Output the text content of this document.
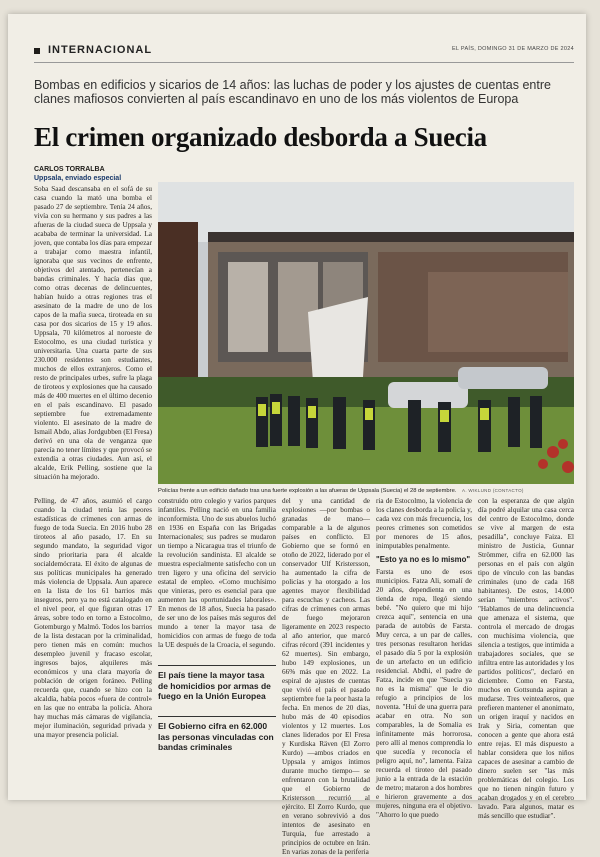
INTERNACIONAL	EL PAÍS, DOMINGO 31 DE MARZO DE 2024
Bombas en edificios y sicarios de 14 años: las luchas de poder y los ajustes de cuentas entre clanes mafiosos convierten al país escandinavo en uno de los más violentos de Europa
El crimen organizado desborda a Suecia
CARLOS TORRALBA
Uppsala, enviado especial

Soba Saad descansaba en el sofá de su casa cuando la mató una bomba el pasado 27 de septiembre. Tenía 24 años, vivía con su hermano y sus padres a las afueras de la ciudad sueca de Uppsala y acababa de terminar la universidad. La joven, que contaba los días para empezar a trabajar como maestra infantil, ignoraba que sus vecinos de enfrente, objetivos del atentado, pertenecían a bandas criminales. Y hacía días que, como otras decenas de delincuentes, habían huido a otras regiones tras el asesinato de la madre de uno de los capos de la mafia sueca, tiroteada en su casa por dos sicarios de 15 y 19 años. Uppsala, 70 kilómetros al noroeste de Estocolmo, es una ciudad turística y universitaria. Una cuarta parte de sus 230.000 residentes son estudiantes, muchos de ellos extranjeros. Como el resto de principales urbes, sufre la plaga de tiroteos y explosiones que ha causado más de 400 muertes en el último decenio en el país escandinavo. El pasado septiembre fue extremadamente violento. El asesinato de la madre de Ismail Abdo, alias Jordgubben (El Fresa) derivó en una ola de venganza que parecía no tener límites y que provocó se extendía a otras ciudades. Aun así, el alcalde, Erik Pelling, sostiene que la situación ha mejorado.

Policías frente a un edificio dañado tras una fuerte explosión a las afueras de Uppsala (Suecia) el 28 de septiembre. A. WIKLUND (CONTACTO)

Pelling, de 47 años, asumió el cargo cuando la ciudad tenía las peores estadísticas de crímenes con armas de fuego de toda Suecia. En 2016 hubo 28 tiroteos al año pasado, 17. En su segundo mandato, la seguridad vigor sindo prioritaria para él alcalde socialdemócrata. El éxito de algunas de sus políticas municipales ha generado más violencia de Uppsala. Aun aparece en la lista de los 61 barrios más inseguros, pero ya no está catalogado en el nivel peor, el que figuran otras 17 áreas, sobre todo en torno a Estocolmo, Gotemburgo y Malmö. Todos los barrios de la lista destacan por la criminalidad, pero tienen más en común: muchos desempleo juvenil y fracaso escolar, ingresos bajos, alquileres más económicos y una clara mayoría de población de origen foráneo. Pelling recuerda que, cuando se hizo con la alcaldía, había pocos «fuera de control» en las que no entraba la policía. Ahora hay muchas más cámaras de vigilancia, mejor iluminación, seguridad privada y una mayor presencia policial.

construido otro colegio y varios parques infantiles. Pelling nació en una familia inconformista. Uno de sus abuelos luchó en 1936 en España con las Brigadas Internacionales; sus padres se mudaron un tiempo a Nicaragua tras el triunfo de la revolución sandinista. El alcalde se muestra especialmente satisfecho con un tren ligero y una oficina del servicio estatal de empleo. «Como muchísimo que vinieras, pero es esencial para que aumenten las oportunidades laborales». En menos de 18 años, Suecia ha pasado de ser uno de los países más seguros del mundo a tener la mayor tasa de homicidios con armas de fuego de toda la UE después de la Croacia, el segundo.

El país tiene la mayor tasa de homicidios por armas de fuego en la Unión Europea
El Gobierno cifra en 62.000 las personas vinculadas con bandas criminales

del y una cantidad de explosiones —por bombas o granadas de mano— comparable a la de algunos países en conflicto. El Gobierno que se formó en otoño de 2022, liderado por el conservador Ulf Kristersson, ha aumentado la cifra de policías y ha otorgado a los agentes mayor flexibilidad para escuchas y cacheos. Las cifras de crímenes con armas de fuego mejoraron ligeramente en 2023 respecto al año anterior, que marcó cifras récord (391 incidentes y 62 muertes). Sin embargo, hubo 149 explosiones, un 66% más que en 2022. La espiral de ajustes de cuentas que vivió el país el pasado septiembre fue la peor hasta la fecha. En menos de 20 días, hubo más de 40 episodios violentos y 12 muertes. Los clanes liderados por El Fresa y Kurdiska Räven (El Zorro Kurdo) —ambos criados en Uppsala y amigos íntimos durante mucho tiempo— se enfrentaron con la brutalidad que el Gobierno de Kristersson recurrió al ejército. El Zorro Kurdo, que en verano sobrevivió a dos intentos de asesinato en Turquía, fue arrestado a principios de octubre en Irán. En varias zonas de la periferia

ria de Estocolmo, la violencia de los clanes desborda a la policía y, cada vez con más frecuencia, los peores crímenes son cometidos por menores de 15 años, inimputables penalmente.

"Esto ya no es lo mismo"

Farsta es uno de esos municipios. Fatza Ali, somalí de 20 años, dependienta en una tienda de ropa, llegó siendo bebé. "No quiero que mi hijo crezca aquí", sentencia en una parada de autobús de Farsta. Muy cerca, a un par de calles, tres personas resultaron heridas el pasado día 5 por la explosión de un artefacto en un edificio residencial. Abdhi, el padre de Fatza, incide en que "Suecia ya no es la misma" que le dio refugio a principios de los noventa. "Huí de una guerra para acabar en otra. No son comparables, la de Somalia es infinitamente más horrorosa, pero allí al menos comprendía lo que sucedía y reconocía el peligro aquí, no", lamenta. Faiza recuerda el tiroteo del pasado junio a la entrada de la estación de metro; mataron a dos hombres e hirieron gravemente a dos mujeres, ninguna era el objetivo. "Ahorro lo que puedo

con la esperanza de que algún día podré alquilar una casa cerca del centro de Estocolmo, donde se vive al margen de esta pesadilla", concluye Faiza. El ministro de Justicia, Gunnar Strömmer, cifra en 62.000 las personas en el país con algún tipo de vínculo con las bandas criminales (uno de cada 168 habitantes). De estos, 14.000 serían "miembros activos". "Hablamos de una delincuencia que amenaza el sistema, que controla el mercado de drogas con muchísima violencia, que silencia a testigos, que intimida a trabajadores sociales, que se infiltra entre las autoridades y los partidos políticos", declaró en diciembre. Como en Farsta, muchos en Gottsunda aspiran a mudarse. Tres veinteañeros, que prefieren mantener el anonimato, un origen iraquí y nacidos en Irak y Siria, comentan que conocen a gente que ahora está entre rejas. El más dispuesto a hablar considera que los niños capaces de asesinar a cambio de dinero suelen ser "las más problemáticas del colegio. Los que no tienen ningún futuro y acaban drogados y en el cerebro lavado. Para algunos, matar es más sencillo que estudiar".
